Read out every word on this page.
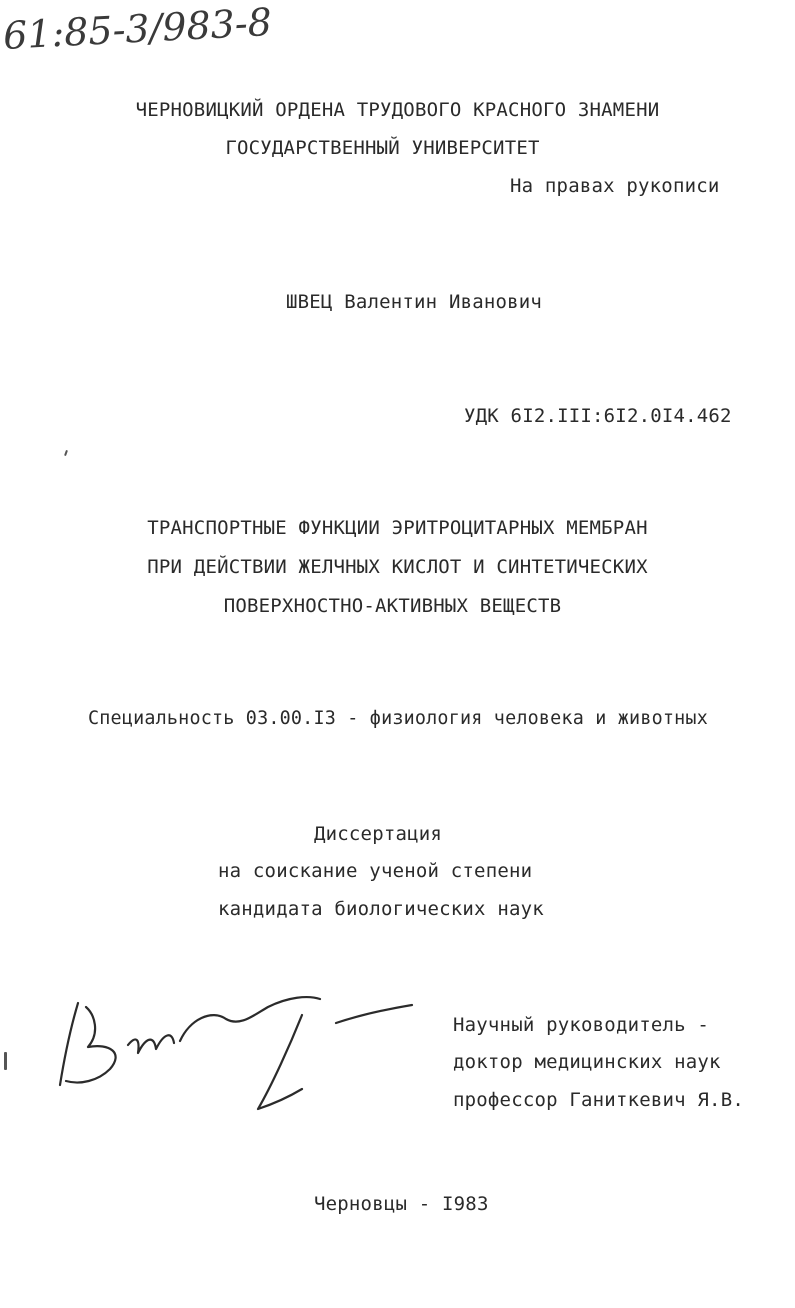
61:85-3/983-8
ЧЕРНОВИЦКИЙ ОРДЕНА ТРУДОВОГО КРАСНОГО ЗНАМЕНИ
ГОСУДАРСТВЕННЫЙ УНИВЕРСИТЕТ
На правах рукописи
ШВЕЦ Валентин Иванович
УДК 6I2.III:6I2.0I4.462
ТРАНСПОРТНЫЕ ФУНКЦИИ ЭРИТРОЦИТАРНЫХ МЕМБРАН
ПРИ ДЕЙСТВИИ ЖЕЛЧНЫХ КИСЛОТ И СИНТЕТИЧЕСКИХ
ПОВЕРХНОСТНО-АКТИВНЫХ ВЕЩЕСТВ
Специальность 03.00.I3 - физиология человека и животных
Диссертация
на соискание ученой степени
кандидата биологических наук
Научный руководитель -
доктор медицинских наук
профессор Ганиткевич Я.В.
Черновцы - I983
